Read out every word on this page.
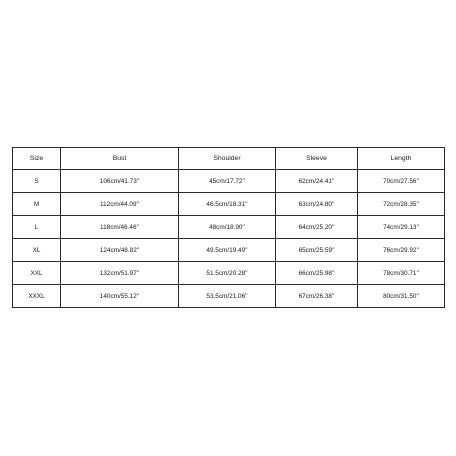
Size	Bust	Shoulder	Sleeve	Length
S	106cm/41.73''	45cm/17.72''	62cm/24.41''	70cm/27.56''
M	112cm/44.09''	46.5cm/18.31''	63cm/24.80''	72cm/28.35''
L	118cm/46.46''	48cm/18.90''	64cm/25.20''	74cm/29.13''
XL	124cm/48.82''	49.5cm/19.49''	65cm/25.59''	76cm/29.92''
XXL	132cm/51.97''	51.5cm/20.28''	66cm/25.98''	78cm/30.71''
XXXL	140cm/55.12''	53.5cm/21.06''	67cm/26.38''	80cm/31.50''
